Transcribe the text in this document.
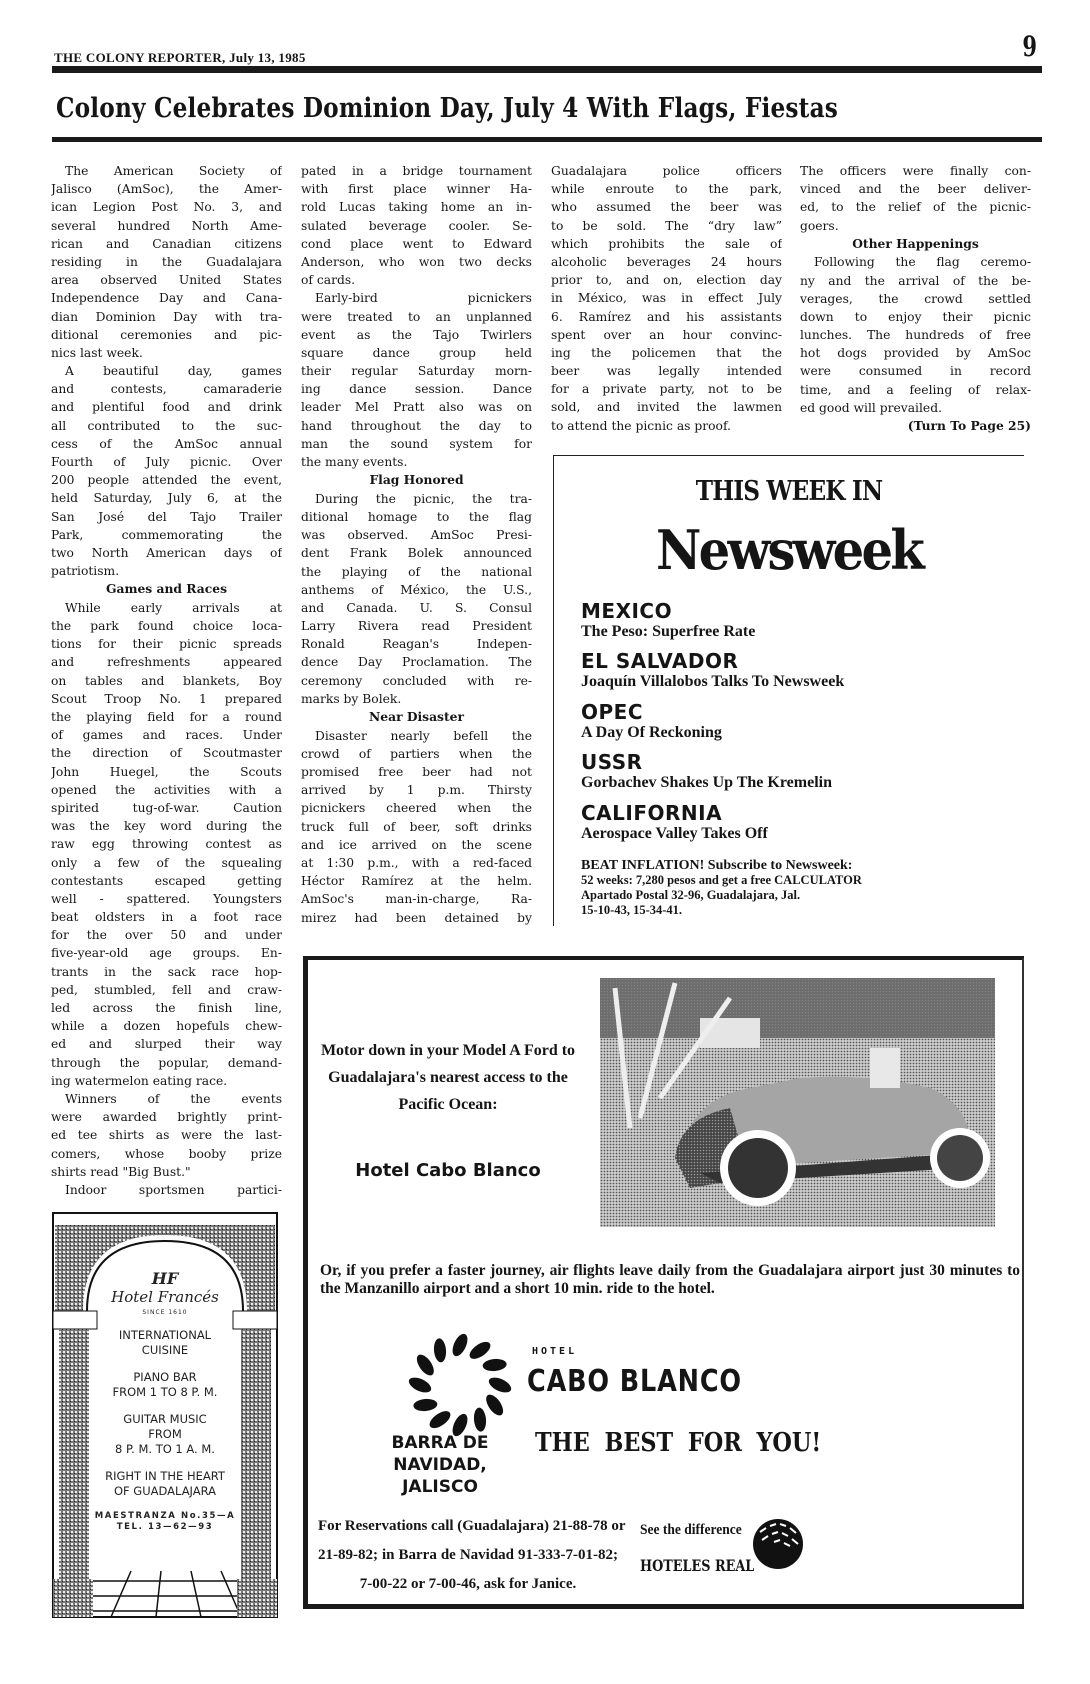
THE COLONY REPORTER, July 13, 1985	9
Colony Celebrates Dominion Day, July 4 With Flags, Fiestas
The American Society of
Jalisco (AmSoc), the Amer-
ican Legion Post No. 3, and
several hundred North Ame-
rican and Canadian citizens
residing in the Guadalajara
area observed United States
Independence Day and Cana-
dian Dominion Day with tra-
ditional ceremonies and pic-
nics last week.
A beautiful day, games
and contests, camaraderie
and plentiful food and drink
all contributed to the suc-
cess of the AmSoc annual
Fourth of July picnic. Over
200 people attended the event,
held Saturday, July 6, at the
San José del Tajo Trailer
Park, commemorating the
two North American days of
patriotism.
Games and Races
While early arrivals at
the park found choice loca-
tions for their picnic spreads
and refreshments appeared
on tables and blankets, Boy
Scout Troop No. 1 prepared
the playing field for a round
of games and races. Under
the direction of Scoutmaster
John Huegel, the Scouts
opened the activities with a
spirited tug-of-war. Caution
was the key word during the
raw egg throwing contest as
only a few of the squealing
contestants escaped getting
well - spattered. Youngsters
beat oldsters in a foot race
for the over 50 and under
five-year-old age groups. En-
trants in the sack race hop-
ped, stumbled, fell and craw-
led across the finish line,
while a dozen hopefuls chew-
ed and slurped their way
through the popular, demand-
ing watermelon eating race.
Winners of the events
were awarded brightly print-
ed tee shirts as were the last-
comers, whose booby prize
shirts read "Big Bust."
Indoor sportsmen partici-
pated in a bridge tournament
with first place winner Ha-
rold Lucas taking home an in-
sulated beverage cooler. Se-
cond place went to Edward
Anderson, who won two decks
of cards.
Early-bird picnickers
were treated to an unplanned
event as the Tajo Twirlers
square dance group held
their regular Saturday morn-
ing dance session. Dance
leader Mel Pratt also was on
hand throughout the day to
man the sound system for
the many events.
Flag Honored
During the picnic, the tra-
ditional homage to the flag
was observed. AmSoc Presi-
dent Frank Bolek announced
the playing of the national
anthems of México, the U.S.,
and Canada. U. S. Consul
Larry Rivera read President
Ronald Reagan's Indepen-
dence Day Proclamation. The
ceremony concluded with re-
marks by Bolek.
Near Disaster
Disaster nearly befell the
crowd of partiers when the
promised free beer had not
arrived by 1 p.m. Thirsty
picnickers cheered when the
truck full of beer, soft drinks
and ice arrived on the scene
at 1:30 p.m., with a red-faced
Héctor Ramírez at the helm.
AmSoc's man-in-charge, Ra-
mirez had been detained by
Guadalajara police officers
while enroute to the park,
who assumed the beer was
to be sold. The “dry law”
which prohibits the sale of
alcoholic beverages 24 hours
prior to, and on, election day
in México, was in effect July
6. Ramírez and his assistants
spent over an hour convinc-
ing the policemen that the
beer was legally intended
for a private party, not to be
sold, and invited the lawmen
to attend the picnic as proof.
The officers were finally con-
vinced and the beer deliver-
ed, to the relief of the picnic-
goers.
Other Happenings
Following the flag ceremo-
ny and the arrival of the be-
verages, the crowd settled
down to enjoy their picnic
lunches. The hundreds of free
hot dogs provided by AmSoc
were consumed in record
time, and a feeling of relax-
ed good will prevailed.
(Turn To Page 25)
THIS WEEK IN
Newsweek
MEXICO
The Peso: Superfree Rate
EL SALVADOR
Joaquín Villalobos Talks To Newsweek
OPEC
A Day Of Reckoning
USSR
Gorbachev Shakes Up The Kremelin
CALIFORNIA
Aerospace Valley Takes Off
BEAT INFLATION! Subscribe to Newsweek:
52 weeks: 7,280 pesos and get a free CALCULATOR
Apartado Postal 32-96, Guadalajara, Jal.
15-10-43, 15-34-41.
Motor down in your Model A Ford to Guadalajara's nearest access to the Pacific Ocean:
Hotel Cabo Blanco
Or, if you prefer a faster journey, air flights leave daily from the Guadalajara airport just 30 minutes to the Manzanillo airport and a short 10 min. ride to the hotel.
HOTEL
CABO BLANCO
BARRA DE NAVIDAD,
JALISCO
THE BEST FOR YOU!
For Reservations call (Guadalajara) 21-88-78 or
21-89-82; in Barra de Navidad 91-333-7-01-82;
7-00-22 or 7-00-46, ask for Janice.
See the difference
HOTELES REAL
HF
Hotel Francés
SINCE 1610
INTERNATIONAL
CUISINE
PIANO BAR
FROM 1 TO 8 P. M.
GUITAR MUSIC
FROM
8 P. M. TO 1 A. M.
RIGHT IN THE HEART
OF GUADALAJARA
MAESTRANZA No.35—A
TEL. 13—62—93
